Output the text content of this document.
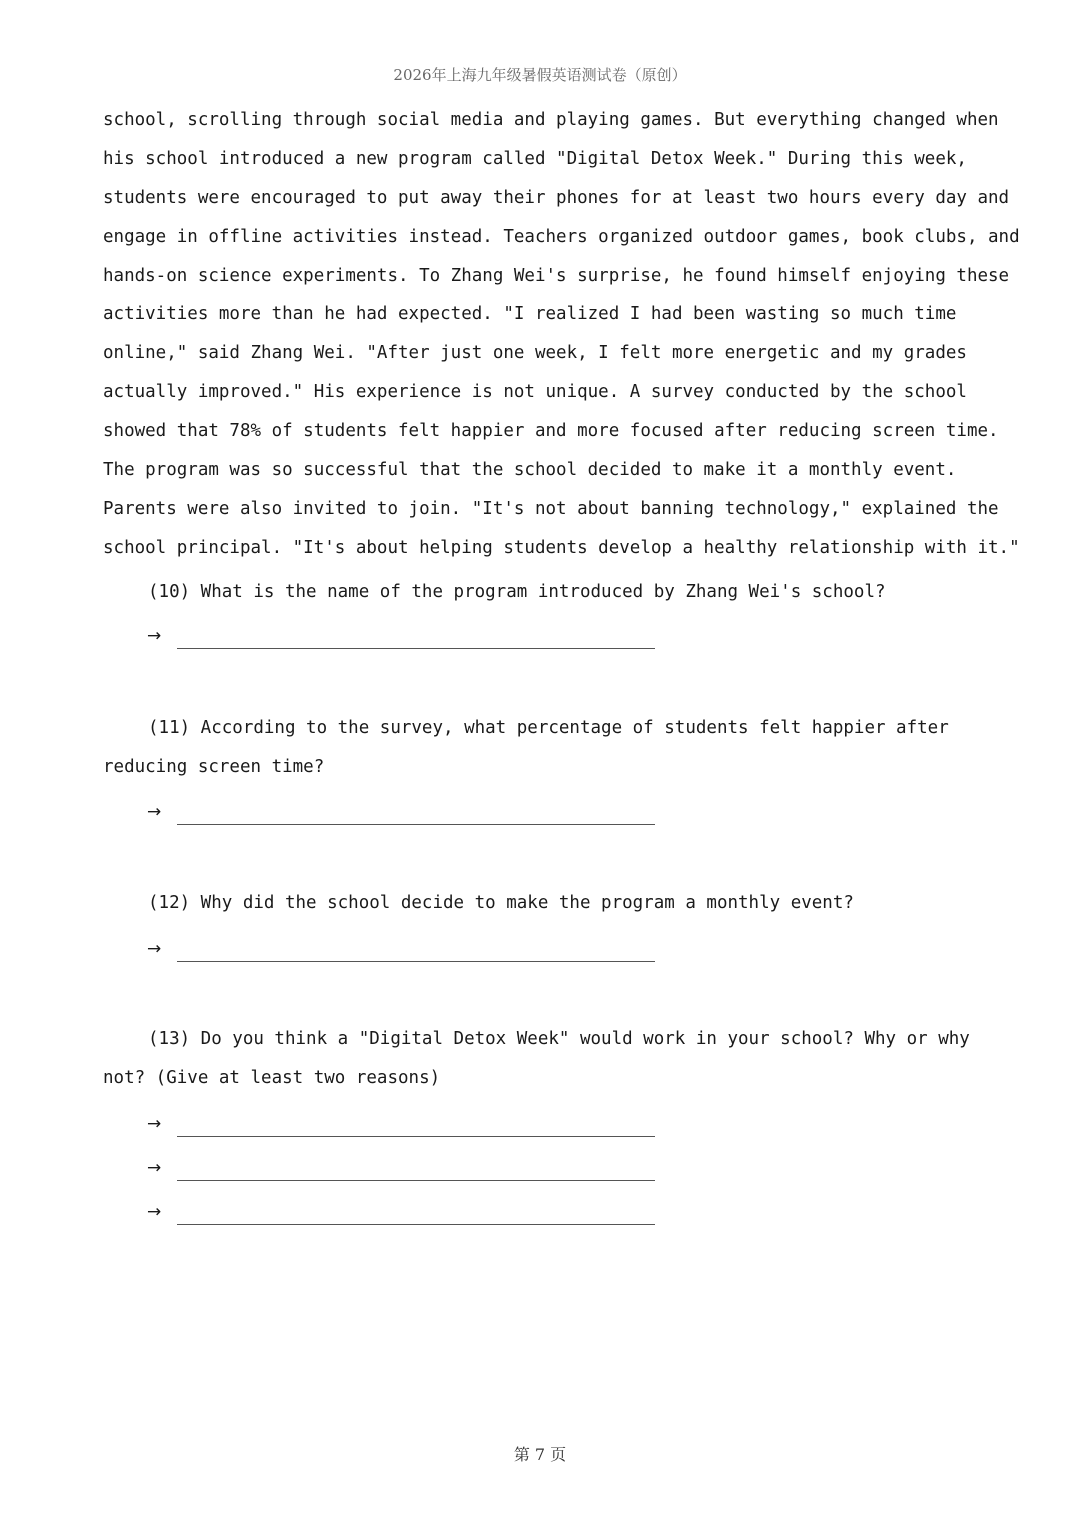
2026年上海九年级暑假英语测试卷（原创）
school, scrolling through social media and playing games. But everything changed when
his school introduced a new program called "Digital Detox Week." During this week,
students were encouraged to put away their phones for at least two hours every day and
engage in offline activities instead. Teachers organized outdoor games, book clubs, and
hands-on science experiments. To Zhang Wei's surprise, he found himself enjoying these
activities more than he had expected. "I realized I had been wasting so much time
online," said Zhang Wei. "After just one week, I felt more energetic and my grades
actually improved." His experience is not unique. A survey conducted by the school
showed that 78% of students felt happier and more focused after reducing screen time.
The program was so successful that the school decided to make it a monthly event.
Parents were also invited to join. "It's not about banning technology," explained the
school principal. "It's about helping students develop a healthy relationship with it."
(10) What is the name of the program introduced by Zhang Wei's school?
→
(11) According to the survey, what percentage of students felt happier after
reducing screen time?
→
(12) Why did the school decide to make the program a monthly event?
→
(13) Do you think a "Digital Detox Week" would work in your school? Why or why
not? (Give at least two reasons)
→
→
→
第 7 页
